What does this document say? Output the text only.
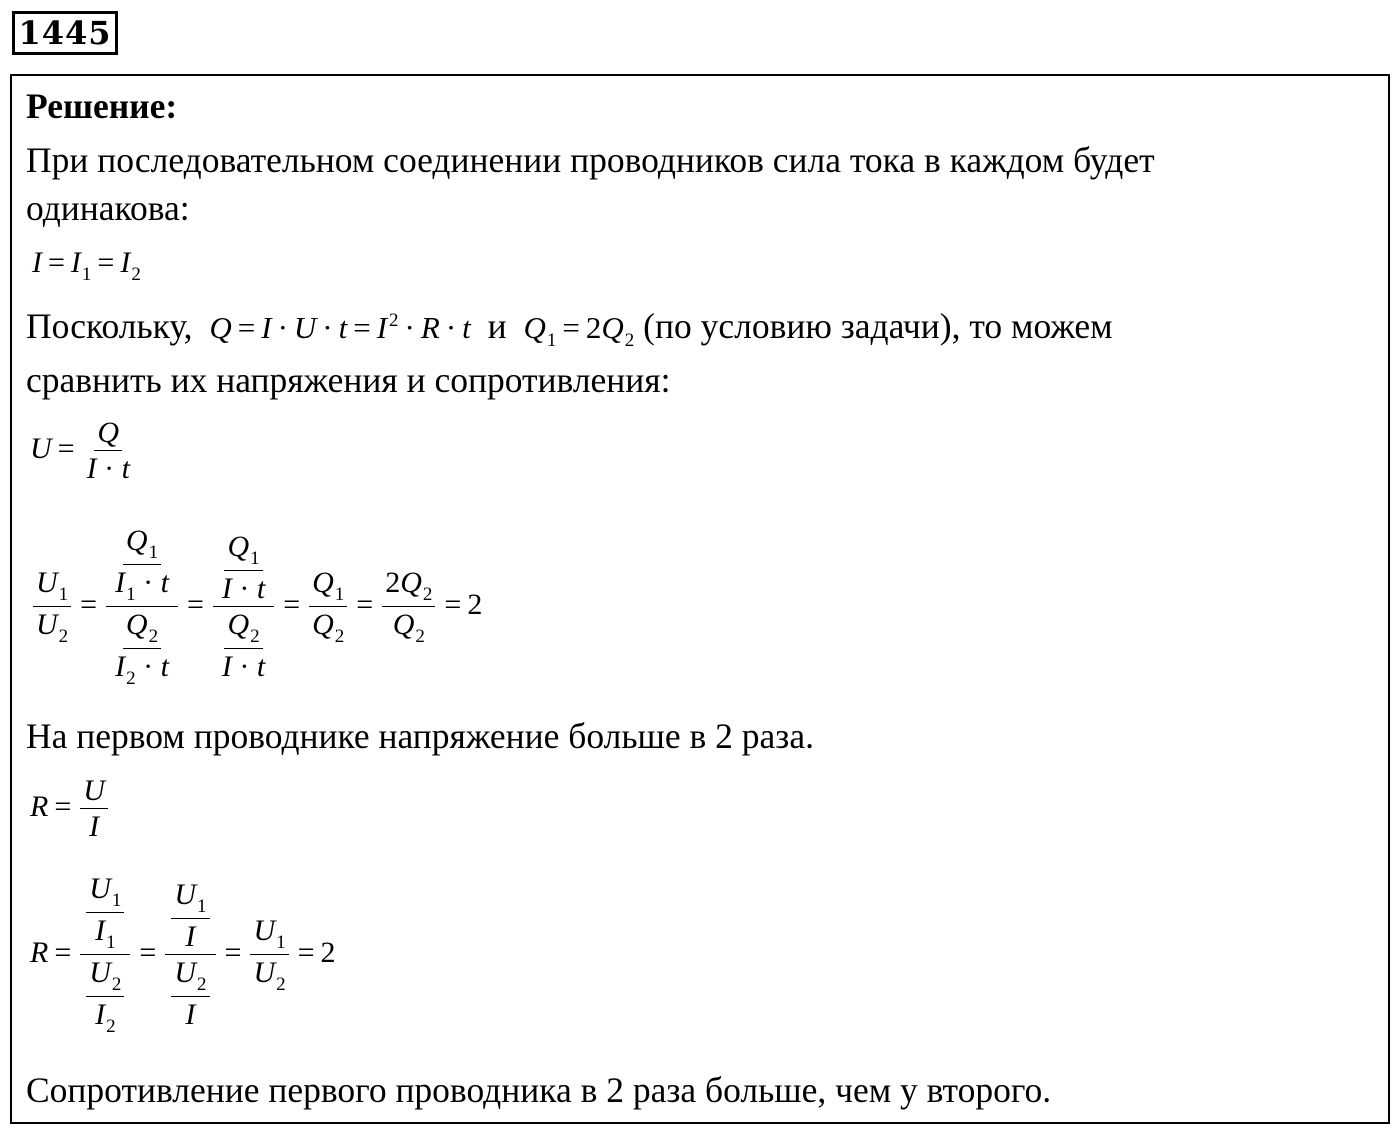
1445
Решение:
При последовательном соединении проводников сила тока в каждом будет
одинакова:
$I = I_1 = I_2$
Поскольку, Q = I · U · t = I $^2$ · R · t и $Q_1 = 2Q_2$ (по условию задачи), то можем
сравнить их напряжения и сопротивления:
$U = \frac{Q}{I \cdot t}$
$\frac{U_1}{U_2} = \frac{\frac{Q_1}{I_1 \cdot t}}{\frac{Q_2}{I_2 \cdot t}} = \frac{\frac{Q_1}{I \cdot t}}{\frac{Q_2}{I \cdot t}} = \frac{Q_1}{Q_2} = \frac{2Q_2}{Q_2} = 2$
На первом проводнике напряжение больше в 2 раза.
$R = \frac{U}{I}$
$R = \frac{\frac{U_1}{I_1}}{\frac{U_2}{I_2}} = \frac{\frac{U_1}{I}}{\frac{U_2}{I}} = \frac{U_1}{U_2} = 2$
Сопротивление первого проводника в 2 раза больше, чем у второго.
